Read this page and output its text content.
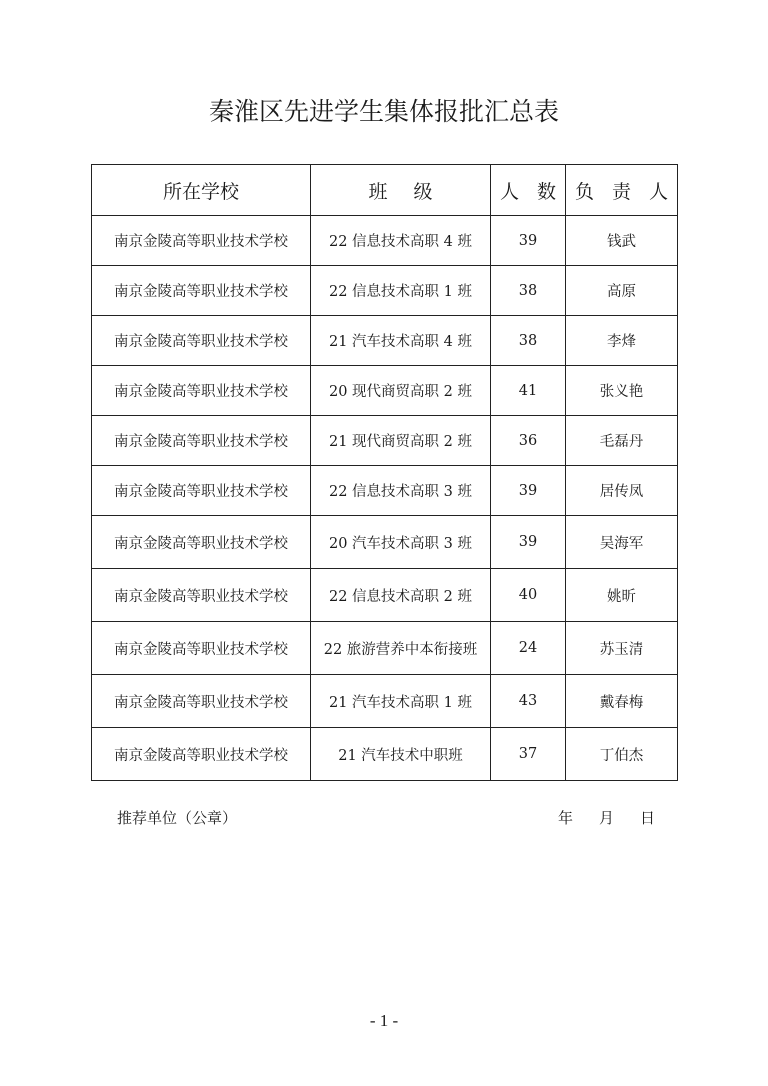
秦淮区先进学生集体报批汇总表
所在学校	班 级	人 数	负 责 人
南京金陵高等职业技术学校	22 信息技术高职 4 班	39	钱武
南京金陵高等职业技术学校	22 信息技术高职 1 班	38	高原
南京金陵高等职业技术学校	21 汽车技术高职 4 班	38	李烽
南京金陵高等职业技术学校	20 现代商贸高职 2 班	41	张义艳
南京金陵高等职业技术学校	21 现代商贸高职 2 班	36	毛磊丹
南京金陵高等职业技术学校	22 信息技术高职 3 班	39	居传凤
南京金陵高等职业技术学校	20 汽车技术高职 3 班	39	吴海军
南京金陵高等职业技术学校	22 信息技术高职 2 班	40	姚昕
南京金陵高等职业技术学校	22 旅游营养中本衔接班	24	苏玉清
南京金陵高等职业技术学校	21 汽车技术高职 1 班	43	戴春梅
南京金陵高等职业技术学校	21 汽车技术中职班	37	丁伯杰
推荐单位（公章）	年 月 日
- 1 -
